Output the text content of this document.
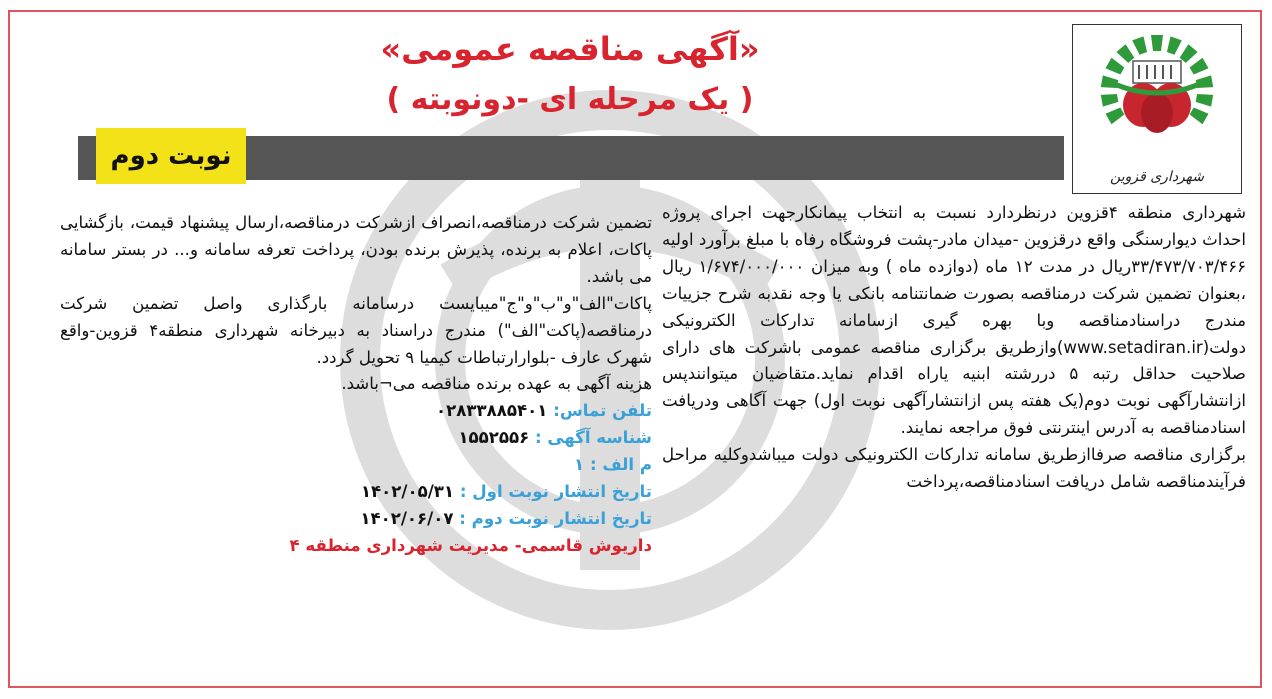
شهرداری قزوین
«آگهی مناقصه عمومی»
( یک مرحله ای -دونوبته )
نوبت دوم

شهرداری منطقه ۴قزوین درنظردارد نسبت به انتخاب پیمانکارجهت اجرای پروژه احداث دیوارسنگی واقع درقزوین -میدان مادر-پشت فروشگاه رفاه با مبلغ برآورد اولیه ۳۳/۴۷۳/۷۰۳/۴۶۶ریال در مدت ۱۲ ماه (دوازده ماه ) وبه میزان ۱/۶۷۴/۰۰۰/۰۰۰ ریال ،بعنوان تضمین شرکت درمناقصه بصورت ضمانتنامه بانکی یا وجه نقدبه شرح جزییات مندرج دراسنادمناقصه وبا بهره گیری ازسامانه تدارکات الکترونیکی دولت(www.setadiran.ir)وازطریق برگزاری مناقصه عمومی باشرکت های دارای صلاحیت حداقل رتبه ۵ دررشته ابنیه یاراه اقدام نماید.متقاضیان میتوانندپس ازانتشارآگهی نوبت دوم(یک هفته پس ازانتشارآگهی نوبت اول) جهت آگاهی ودریافت اسنادمناقصه به آدرس اینترنتی فوق مراجعه نمایند.

برگزاری مناقصه صرفاازطریق سامانه تدارکات الکترونیکی دولت میباشدوکلیه مراحل فرآیندمناقصه شامل دریافت اسنادمناقصه،پرداخت

تضمین شرکت درمناقصه،انصراف ازشرکت درمناقصه،ارسال پیشنهاد قیمت، بازگشایی پاکات، اعلام به برنده، پذیرش برنده بودن، پرداخت تعرفه سامانه و... در بستر سامانه می باشد.

پاکات"الف"و"ب"و"ج"میبایست درسامانه بارگذاری واصل تضمین شرکت درمناقصه(پاکت"الف") مندرج دراسناد به دبیرخانه شهرداری منطقه۴ قزوین-واقع شهرک عارف -بلوارارتباطات کیمیا ۹ تحویل گردد.

هزینه آگهی به عهده برنده مناقصه می¬باشد.

تلفن تماس: ۰۲۸۳۳۸۸۵۴۰۱

شناسه آگهی : ۱۵۵۲۵۵۶

م الف : ۱

تاریخ انتشار نوبت اول : ۱۴۰۲/۰۵/۳۱

تاریخ انتشار نوبت دوم : ۱۴۰۲/۰۶/۰۷

داریوش قاسمی- مدیریت شهرداری منطقه ۴
